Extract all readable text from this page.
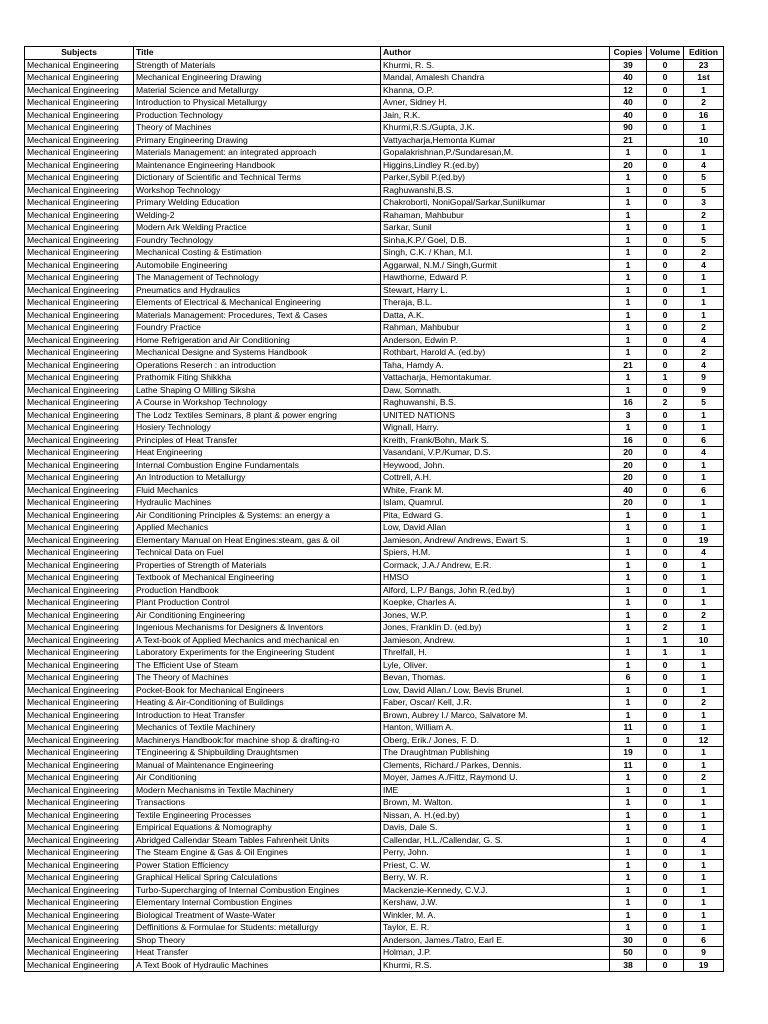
Subjects	Title	Author	Copies	Volume	Edition
Mechanical Engineering	Strength of Materials	Khurmi, R. S.	39	0	23
Mechanical Engineering	Mechanical Engineering Drawing	Mandal, Amalesh Chandra	40	0	1st
Mechanical Engineering	Material Science and Metallurgy	Khanna, O.P.	12	0	1
Mechanical Engineering	Introduction to Physical Metallurgy	Avner, Sidney H.	40	0	2
Mechanical Engineering	Production Technology	Jain, R.K.	40	0	16
Mechanical Engineering	Theory of Machines	Khurmi,R.S./Gupta, J.K.	90	0	1
Mechanical Engineering	Primary Engineering Drawing	Vattyacharja,Hemonta Kumar	21		10
Mechanical Engineering	Materials Management: an integrated approach	Gopalakrishnan,P./Sundaresan,M.	1	0	1
Mechanical Engineering	Maintenance Engineering Handbook	Higgins,Lindley R.(ed.by)	20	0	4
Mechanical Engineering	Dictionary of Scientific and Technical Terms	Parker,Sybil P.(ed.by)	1	0	5
Mechanical Engineering	Workshop Technology	Raghuwanshi,B.S.	1	0	5
Mechanical Engineering	Primary Welding Education	Chakroborti, NoniGopal/Sarkar,Sunilkumar	1	0	3
Mechanical Engineering	Welding-2	Rahaman, Mahbubur	1		2
Mechanical Engineering	Modern Ark Welding Practice	Sarkar, Sunil	1	0	1
Mechanical Engineering	Foundry Technology	Sinha,K.P./ Goel, D.B.	1	0	5
Mechanical Engineering	Mechanical Costing & Estimation	Singh, C.K. / Khan, M.I.	1	0	2
Mechanical Engineering	Automobile Engineering	Aggarwal, N.M./ Singh,Gurmit	1	0	4
Mechanical Engineering	The Management of Technology	Hawthorne, Edward P.	1	0	1
Mechanical Engineering	Pneumatics and Hydraulics	Stewart, Harry L.	1	0	1
Mechanical Engineering	Elements of Electrical & Mechanical Engineering	Theraja, B.L.	1	0	1
Mechanical Engineering	Materials Management: Procedures, Text & Cases	Datta, A.K.	1	0	1
Mechanical Engineering	Foundry Practice	Rahman, Mahbubur	1	0	2
Mechanical Engineering	Home Refrigeration and Air Conditioning	Anderson, Edwin P.	1	0	4
Mechanical Engineering	Mechanical Designe and Systems Handbook	Rothbart, Harold A. (ed.by)	1	0	2
Mechanical Engineering	Operations Reserch : an introduction	Taha, Hamdy A.	21	0	4
Mechanical Engineering	Prathomik Fiting Shikkha	Vattacharja, Hemontakumar.	1	1	9
Mechanical Engineering	Lathe Shaping O Milling Siksha	Daw, Somnath.	1	0	9
Mechanical Engineering	A Course in Workshop Technology	Raghuwanshi, B.S.	16	2	5
Mechanical Engineering	The Lodz Textiles Seminars, 8 plant & power engring	UNITED NATIONS	3	0	1
Mechanical Engineering	Hosiery Technology	Wignall, Harry.	1	0	1
Mechanical Engineering	Principles of Heat Transfer	Kreith, Frank/Bohn, Mark S.	16	0	6
Mechanical Engineering	Heat Engineering	Vasandani, V.P./Kumar, D.S.	20	0	4
Mechanical Engineering	Internal Combustion Engine Fundamentals	Heywood, John.	20	0	1
Mechanical Engineering	An Introduction to Metallurgy	Cottrell, A.H.	20	0	1
Mechanical Engineering	Fluid Mechanics	White, Frank M.	40	0	6
Mechanical Engineering	Hydraulic Machines	Islam, Quamrul.	20	0	1
Mechanical Engineering	Air Conditioning Principles & Systems: an energy a	Pita, Edward G.	1	0	1
Mechanical Engineering	Applied Mechanics	Low, David Allan	1	0	1
Mechanical Engineering	Elementary Manual on Heat Engines:steam, gas & oil	Jamieson, Andrew/ Andrews, Ewart S.	1	0	19
Mechanical Engineering	Technical Data on Fuel	Spiers, H.M.	1	0	4
Mechanical Engineering	Properties of Strength of Materials	Cormack, J.A./ Andrew, E.R.	1	0	1
Mechanical Engineering	Textbook of Mechanical Engineering	HMSO	1	0	1
Mechanical Engineering	Production Handbook	Alford, L.P./ Bangs, John R.(ed.by)	1	0	1
Mechanical Engineering	Plant Production Control	Koepke, Charles A.	1	0	1
Mechanical Engineering	Air Conditioning Engineering	Jones, W.P.	1	0	2
Mechanical Engineering	Ingenious Mechanisms for Designers & Inventors	Jones, Franklin D. (ed.by)	1	2	1
Mechanical Engineering	A Text-book of Applied Mechanics and mechanical en	Jamieson, Andrew.	1	1	10
Mechanical Engineering	Laboratory Experiments for the Engineering Student	Threlfall, H.	1	1	1
Mechanical Engineering	The Efficient Use of Steam	Lyle, Oliver.	1	0	1
Mechanical Engineering	The Theory of Machines	Bevan, Thomas.	6	0	1
Mechanical Engineering	Pocket-Book for Mechanical Engineers	Low, David Allan./ Low, Bevis Brunel.	1	0	1
Mechanical Engineering	Heating & Air-Conditioning of Buildings	Faber, Oscar/ Kell, J.R.	1	0	2
Mechanical Engineering	Introduction to Heat Transfer	Brown, Aubrey I./ Marco, Salvatore M.	1	0	1
Mechanical Engineering	Mechanics of Textile Machinery	Hanton, William A.	11	0	1
Mechanical Engineering	Machinerys Handbook:for machine shop & drafting-ro	Oberg, Erik./ Jones, F. D.	1	0	12
Mechanical Engineering	TEngineering & Shipbuilding Draughtsmen	The Draughtman Publishing	19	0	1
Mechanical Engineering	Manual of Maintenance Engineering	Clements, Richard./ Parkes, Dennis.	11	0	1
Mechanical Engineering	Air Conditioning	Moyer, James A./Fittz, Raymond U.	1	0	2
Mechanical Engineering	Modern Mechanisms in Textile Machinery	IME	1	0	1
Mechanical Engineering	Transactions	Brown, M. Walton.	1	0	1
Mechanical Engineering	Textile Engineering Processes	Nissan, A. H.(ed.by)	1	0	1
Mechanical Engineering	Empirical Equations & Nomography	Davis, Dale S.	1	0	1
Mechanical Engineering	Abridged Callendar Steam Tables Fahrenheit Units	Callendar, H.L./Callendar, G. S.	1	0	4
Mechanical Engineering	The Steam Engine & Gas & Oil Engines	Perry, John.	1	0	1
Mechanical Engineering	Power Station Efficiency	Priest, C. W.	1	0	1
Mechanical Engineering	Graphical Helical Spring Calculations	Berry, W. R.	1	0	1
Mechanical Engineering	Turbo-Supercharging of Internal Combustion Engines	Mackenzie-Kennedy, C.V.J.	1	0	1
Mechanical Engineering	Elementary Internal Combustion Engines	Kershaw, J.W.	1	0	1
Mechanical Engineering	Biological Treatment of Waste-Water	Winkler, M. A.	1	0	1
Mechanical Engineering	Deffinitions & Formulae for Students: metallurgy	Taylor, E. R.	1	0	1
Mechanical Engineering	Shop Theory	Anderson, James./Tatro, Earl E.	30	0	6
Mechanical Engineering	Heat Transfer	Holman, J.P.	50	0	9
Mechanical Engineering	A Text Book of Hydraulic Machines	Khurmi, R.S.	38	0	19
